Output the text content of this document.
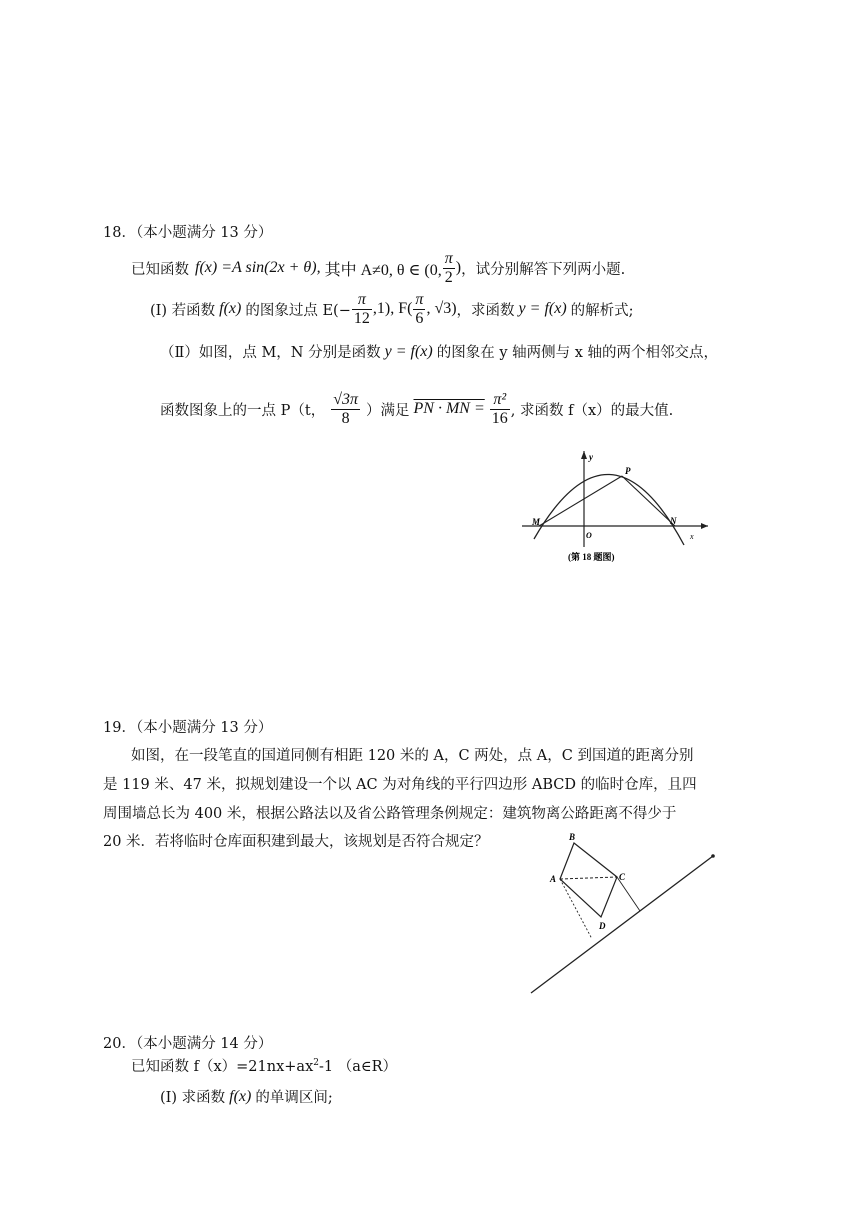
18．（本小题满分 13 分）
已知函数 f(x) = A sin(2x + θ), 其中 A≠0, θ ∈ (0, $\frac{\pi}{2}$ ) ，试分别解答下列两小题.
(I) 若函数 f(x) 的图象过点 $E(- \frac{\pi}{12} ,1)$, $F( \frac{\pi}{6}$ , √3) ，求函数 y = f(x) 的解析式;
（Ⅱ）如图，点 M，N 分别是函数 y = f(x) 的图象在 y 轴两侧与 x 轴的两个相邻交点，
函数图象上的一点 P（t， $\frac{√3\pi}{8}$ ）满足 PN · MN = $\frac{\text{π²}}{16}$ , 求函数 f（x）的最大值.
y
P
M
O
N
x
(第 18 题图)
19．（本小题满分 13 分）
如图，在一段笔直的国道同侧有相距 120 米的 A，C 两处，点 A，C 到国道的距离分别
是 119 米、47 米，拟规划建设一个以 AC 为对角线的平行四边形 ABCD 的临时仓库，且四
周围墙总长为 400 米，根据公路法以及省公路管理条例规定：建筑物离公路距离不得少于
20 米．若将临时仓库面积建到最大，该规划是否符合规定？	B
A	C
D
20．（本小题满分 14 分）
已知函数 $f(x)=21nx+ax^2-1$ （a∈R）
(I) 求函数 f(x) 的单调区间;
